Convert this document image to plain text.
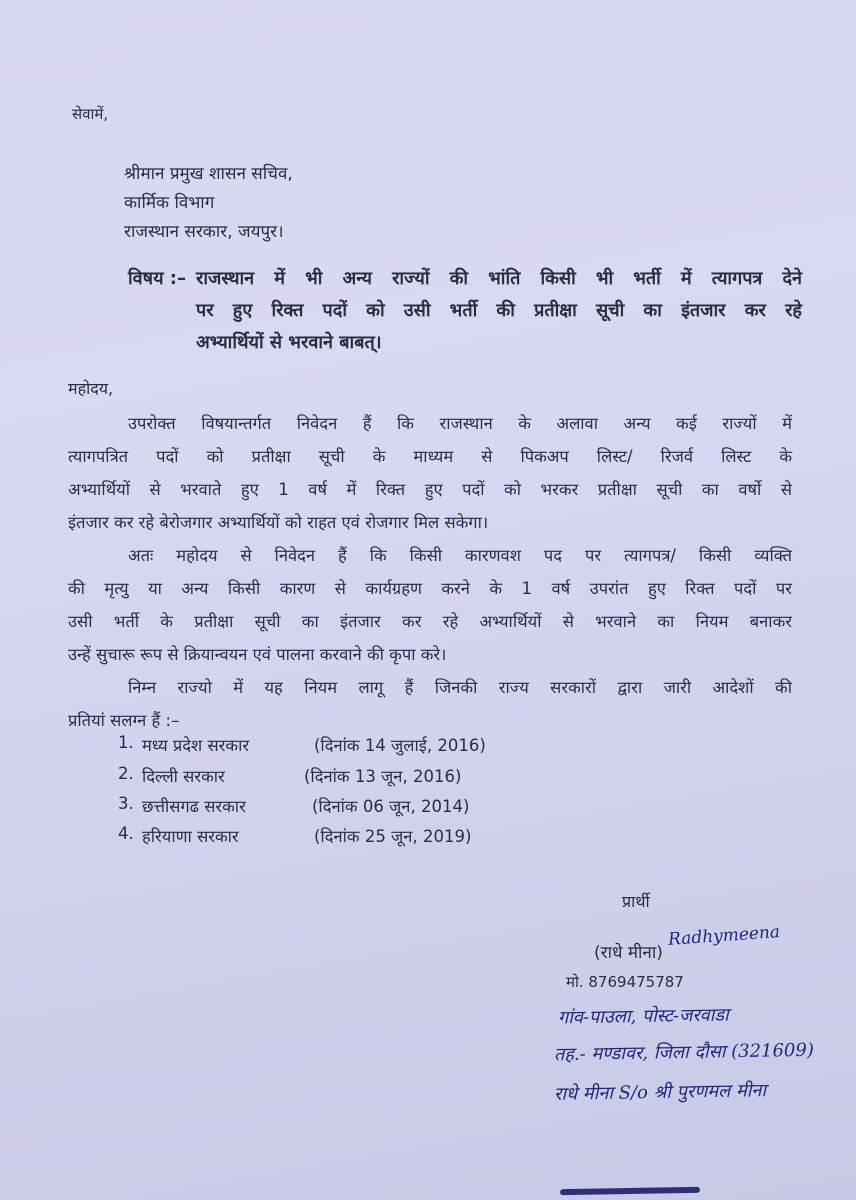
सेवामें,
श्रीमान प्रमुख शासन सचिव,
कार्मिक विभाग
राजस्थान सरकार, जयपुर।
विषय :– राजस्थान में भी अन्य राज्यों की भांति किसी भी भर्ती में त्यागपत्र देने
पर हुए रिक्त पदों को उसी भर्ती की प्रतीक्षा सूची का इंतजार कर रहे
अभ्यार्थियों से भरवाने बाबत्।
महोदय,
उपरोक्त विषयान्तर्गत निवेदन हैं कि राजस्थान के अलावा अन्य कई राज्यों में
त्यागपत्रित पदों को प्रतीक्षा सूची के माध्यम से पिकअप लिस्ट/ रिजर्व लिस्ट के
अभ्यार्थियों से भरवाते हुए 1 वर्ष में रिक्त हुए पदों को भरकर प्रतीक्षा सूची का वर्षो से
इंतजार कर रहे बेरोजगार अभ्यार्थियों को राहत एवं रोजगार मिल सकेगा।
अतः महोदय से निवेदन हैं कि किसी कारणवश पद पर त्यागपत्र/ किसी व्यक्ति
की मृत्यु या अन्य किसी कारण से कार्यग्रहण करने के 1 वर्ष उपरांत हुए रिक्त पदों पर
उसी भर्ती के प्रतीक्षा सूची का इंतजार कर रहे अभ्यार्थियों से भरवाने का नियम बनाकर
उन्हें सुचारू रूप से क्रियान्वयन एवं पालना करवाने की कृपा करे।
निम्न राज्यो में यह नियम लागू हैं जिनकी राज्य सरकारों द्वारा जारी आदेशों की
प्रतियां सलग्न हैं :–
1. मध्य प्रदेश सरकार	(दिनांक 14 जुलाई, 2016)
2. दिल्ली सरकार	(दिनांक 13 जून, 2016)
3. छत्तीसगढ सरकार	(दिनांक 06 जून, 2014)
4. हरियाणा सरकार	(दिनांक 25 जून, 2019)
प्रार्थी
Radhymeena
(राधे मीना)
मो. 8769475787
गांव-पाउला, पोस्ट-जरवाडा
तह.- मण्डावर, जिला दौसा (321609)
राधे मीना S/o श्री पुरणमल मीना
